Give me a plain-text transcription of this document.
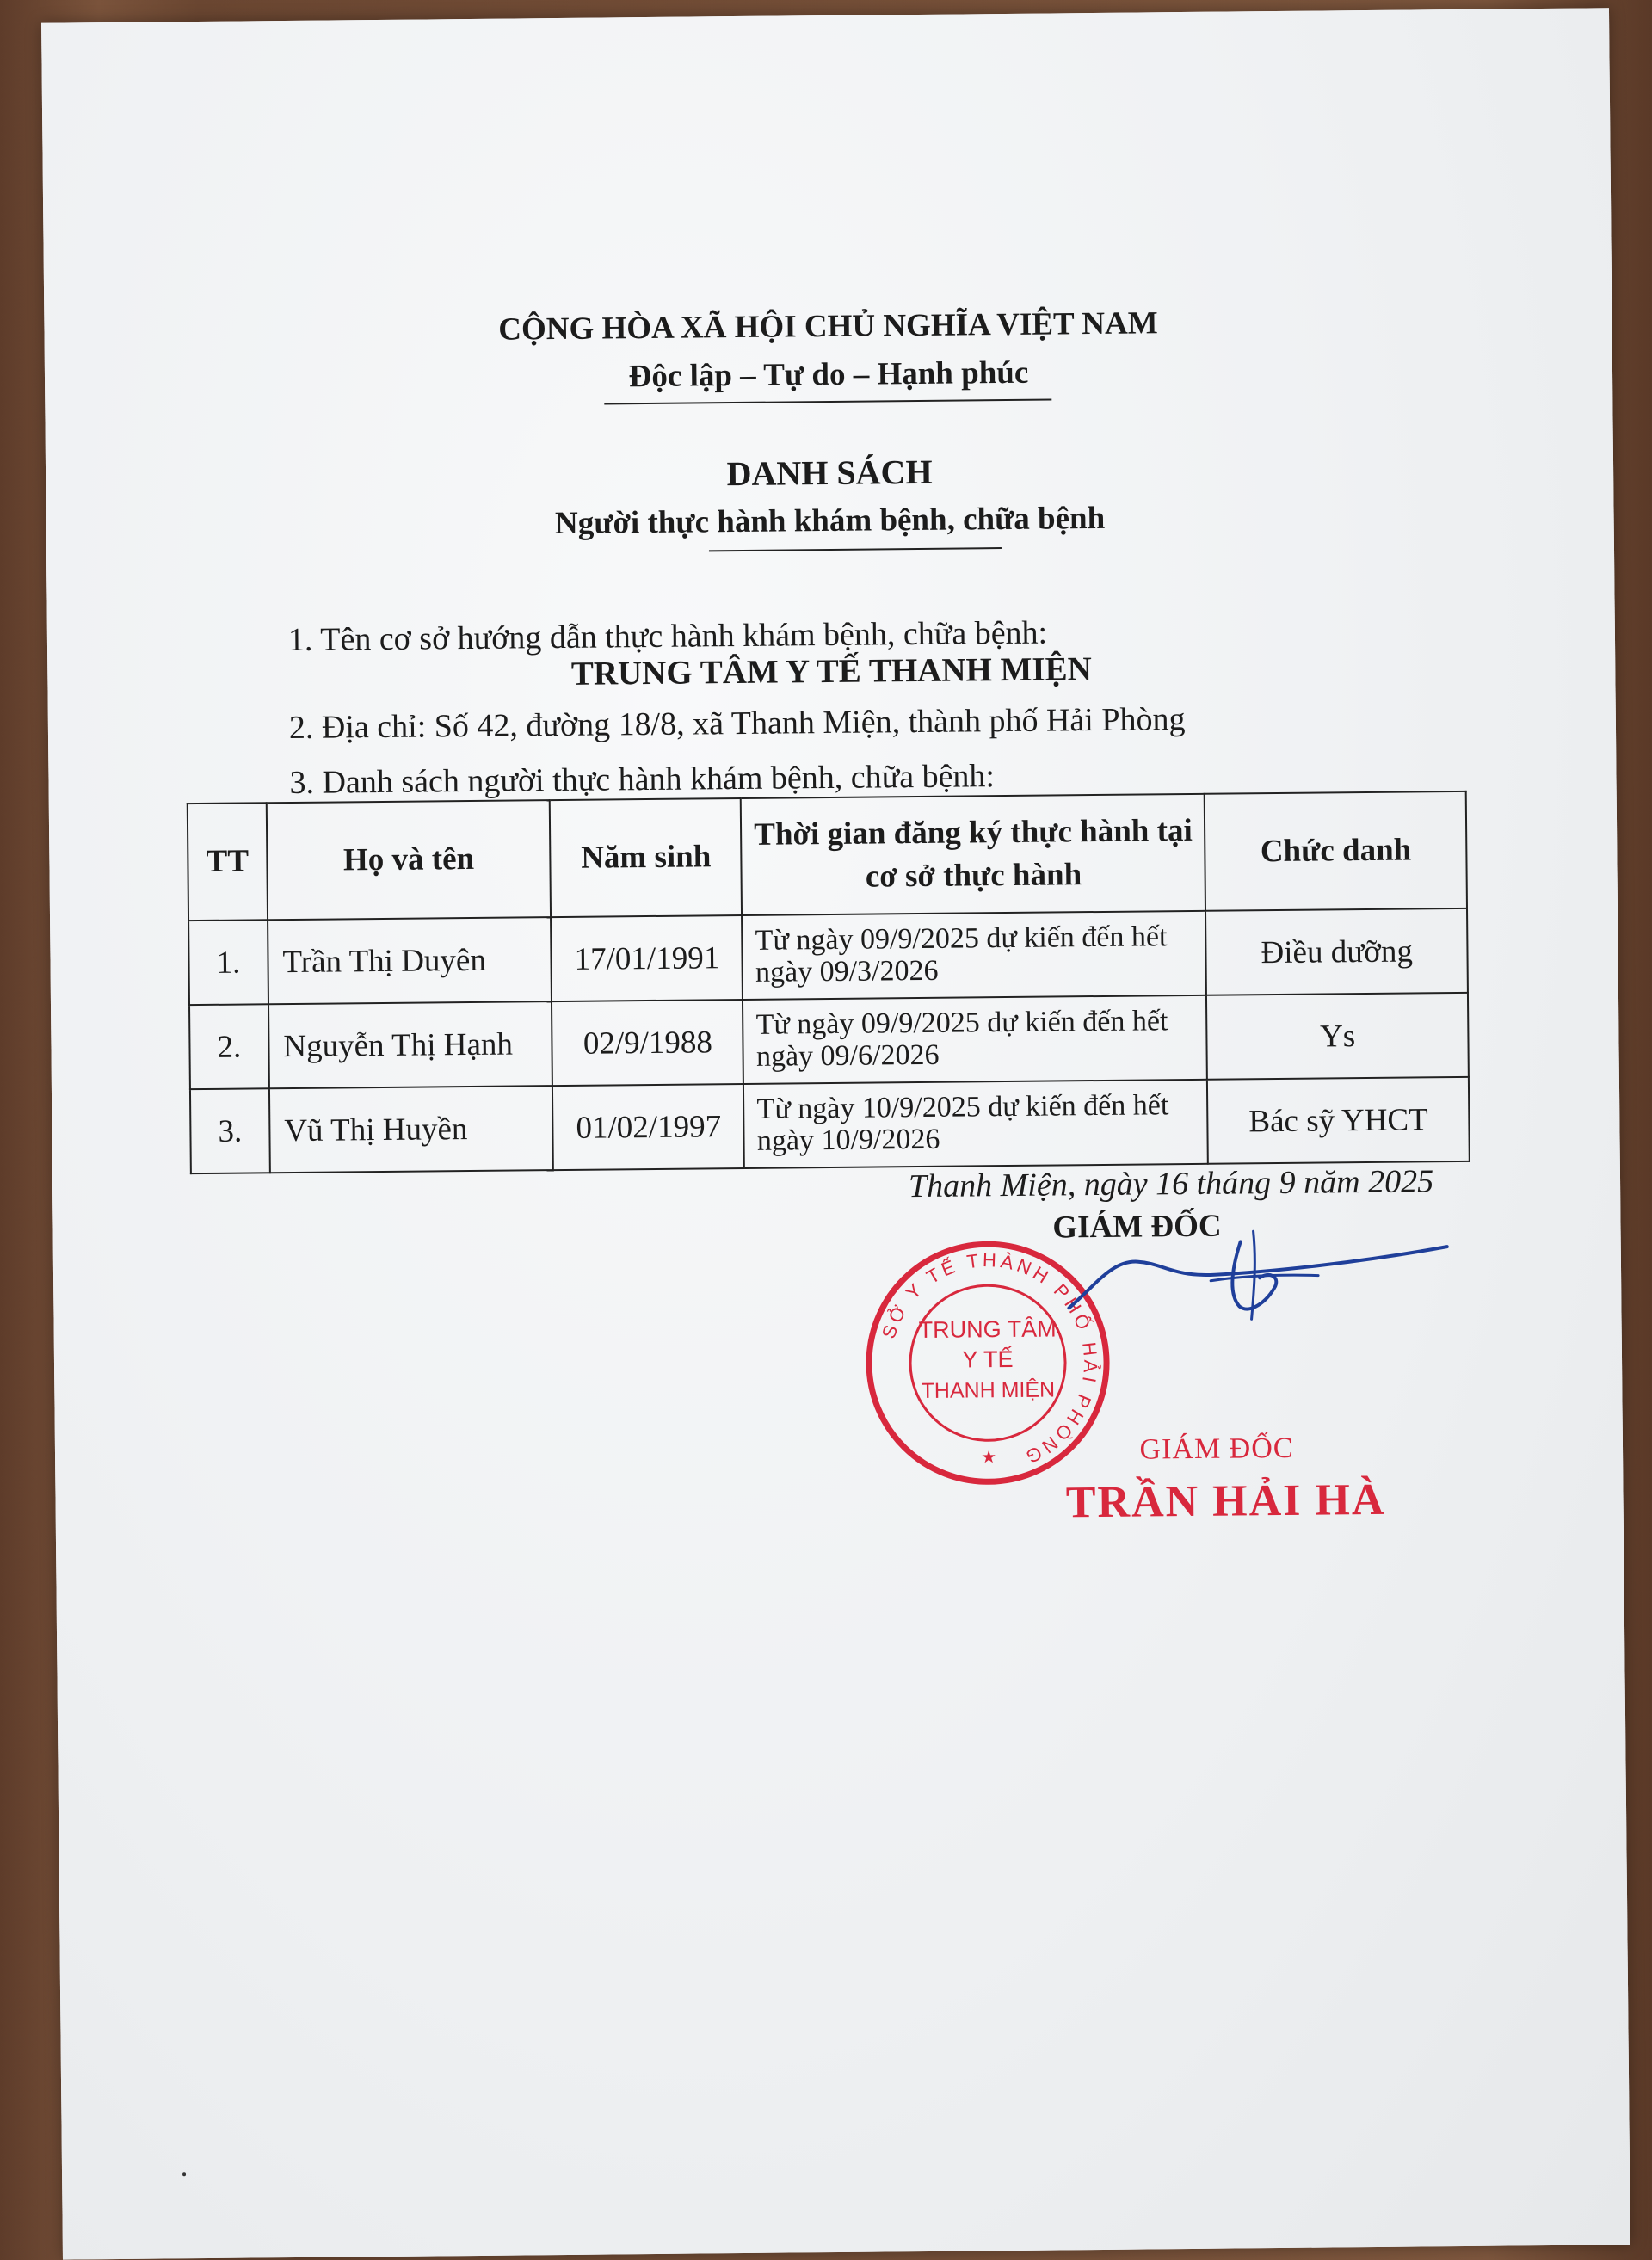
CỘNG HÒA XÃ HỘI CHỦ NGHĨA VIỆT NAM
Độc lập – Tự do – Hạnh phúc
DANH SÁCH
Người thực hành khám bệnh, chữa bệnh
1. Tên cơ sở hướng dẫn thực hành khám bệnh, chữa bệnh:
TRUNG TÂM Y TẾ THANH MIỆN
2. Địa chỉ: Số 42, đường 18/8, xã Thanh Miện, thành phố Hải Phòng
3. Danh sách người thực hành khám bệnh, chữa bệnh:
TT	Họ và tên	Năm sinh	Thời gian đăng ký thực hành tại cơ sở thực hành	Chức danh
1.	Trần Thị Duyên	17/01/1991	Từ ngày 09/9/2025 dự kiến đến hết ngày 09/3/2026	Điều dưỡng
2.	Nguyễn Thị Hạnh	02/9/1988	Từ ngày 09/9/2025 dự kiến đến hết ngày 09/6/2026	Ys
3.	Vũ Thị Huyền	01/02/1997	Từ ngày 10/9/2025 dự kiến đến hết ngày 10/9/2026	Bác sỹ YHCT
Thanh Miện, ngày 16 tháng 9 năm 2025
GIÁM ĐỐC
SỞ Y TẾ THÀNH PHỐ HẢI PHÒNG
TRUNG TÂM
Y TẾ
THANH MIỆN
★	GIÁM ĐỐC
TRẦN HẢI HÀ
